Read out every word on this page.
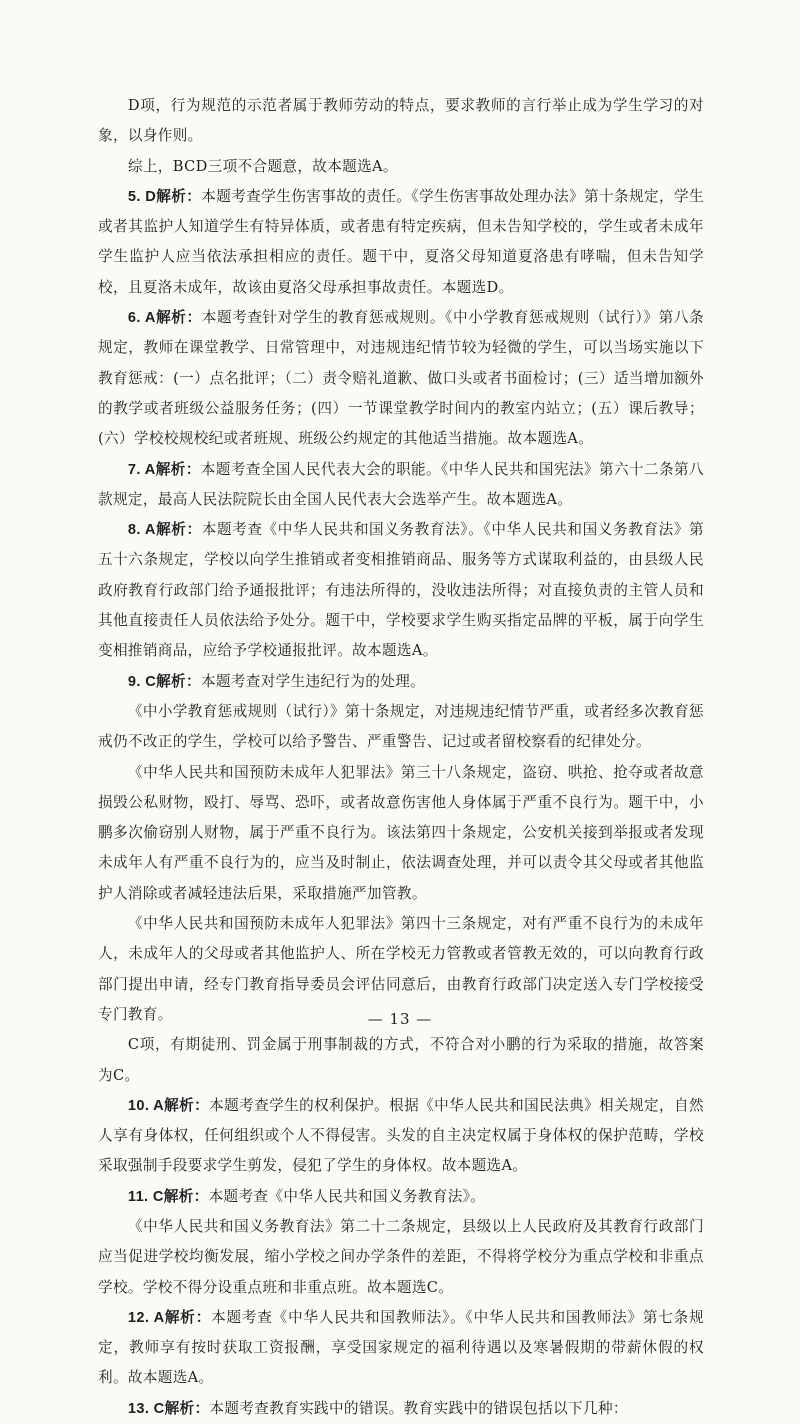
D项，行为规范的示范者属于教师劳动的特点，要求教师的言行举止成为学生学习的对象，以身作则。

综上，BCD三项不合题意，故本题选A。

5. D解析：本题考查学生伤害事故的责任。《学生伤害事故处理办法》第十条规定，学生或者其监护人知道学生有特异体质，或者患有特定疾病，但未告知学校的，学生或者未成年学生监护人应当依法承担相应的责任。题干中，夏洛父母知道夏洛患有哮喘，但未告知学校，且夏洛未成年，故该由夏洛父母承担事故责任。本题选D。

6. A解析：本题考查针对学生的教育惩戒规则。《中小学教育惩戒规则（试行）》第八条规定，教师在课堂教学、日常管理中，对违规违纪情节较为轻微的学生，可以当场实施以下教育惩戒：(一）点名批评；（二）责令赔礼道歉、做口头或者书面检讨；(三）适当增加额外的教学或者班级公益服务任务；(四）一节课堂教学时间内的教室内站立；(五）课后教导；(六）学校校规校纪或者班规、班级公约规定的其他适当措施。故本题选A。

7. A解析：本题考查全国人民代表大会的职能。《中华人民共和国宪法》第六十二条第八款规定，最高人民法院院长由全国人民代表大会选举产生。故本题选A。

8. A解析：本题考查《中华人民共和国义务教育法》。《中华人民共和国义务教育法》第五十六条规定，学校以向学生推销或者变相推销商品、服务等方式谋取利益的，由县级人民政府教育行政部门给予通报批评；有违法所得的，没收违法所得；对直接负责的主管人员和其他直接责任人员依法给予处分。题干中，学校要求学生购买指定品牌的平板，属于向学生变相推销商品，应给予学校通报批评。故本题选A。

9. C解析：本题考查对学生违纪行为的处理。

《中小学教育惩戒规则（试行）》第十条规定，对违规违纪情节严重，或者经多次教育惩戒仍不改正的学生，学校可以给予警告、严重警告、记过或者留校察看的纪律处分。

《中华人民共和国预防未成年人犯罪法》第三十八条规定，盗窃、哄抢、抢夺或者故意损毁公私财物，殴打、辱骂、恐吓，或者故意伤害他人身体属于严重不良行为。题干中，小鹏多次偷窃别人财物，属于严重不良行为。该法第四十条规定，公安机关接到举报或者发现未成年人有严重不良行为的，应当及时制止，依法调查处理，并可以责令其父母或者其他监护人消除或者减轻违法后果，采取措施严加管教。

《中华人民共和国预防未成年人犯罪法》第四十三条规定，对有严重不良行为的未成年人，未成年人的父母或者其他监护人、所在学校无力管教或者管教无效的，可以向教育行政部门提出申请，经专门教育指导委员会评估同意后，由教育行政部门决定送入专门学校接受专门教育。

C项，有期徒刑、罚金属于刑事制裁的方式，不符合对小鹏的行为采取的措施，故答案为C。

10. A解析：本题考查学生的权利保护。根据《中华人民共和国民法典》相关规定，自然人享有身体权，任何组织或个人不得侵害。头发的自主决定权属于身体权的保护范畴，学校采取强制手段要求学生剪发，侵犯了学生的身体权。故本题选A。

11. C解析：本题考查《中华人民共和国义务教育法》。

《中华人民共和国义务教育法》第二十二条规定，县级以上人民政府及其教育行政部门应当促进学校均衡发展，缩小学校之间办学条件的差距，不得将学校分为重点学校和非重点学校。学校不得分设重点班和非重点班。故本题选C。

12. A解析：本题考查《中华人民共和国教师法》。《中华人民共和国教师法》第七条规定，教师享有按时获取工资报酬，享受国家规定的福利待遇以及寒暑假期的带薪休假的权利。故本题选A。

13. C解析：本题考查教育实践中的错误。教育实践中的错误包括以下几种：

— 13 —
